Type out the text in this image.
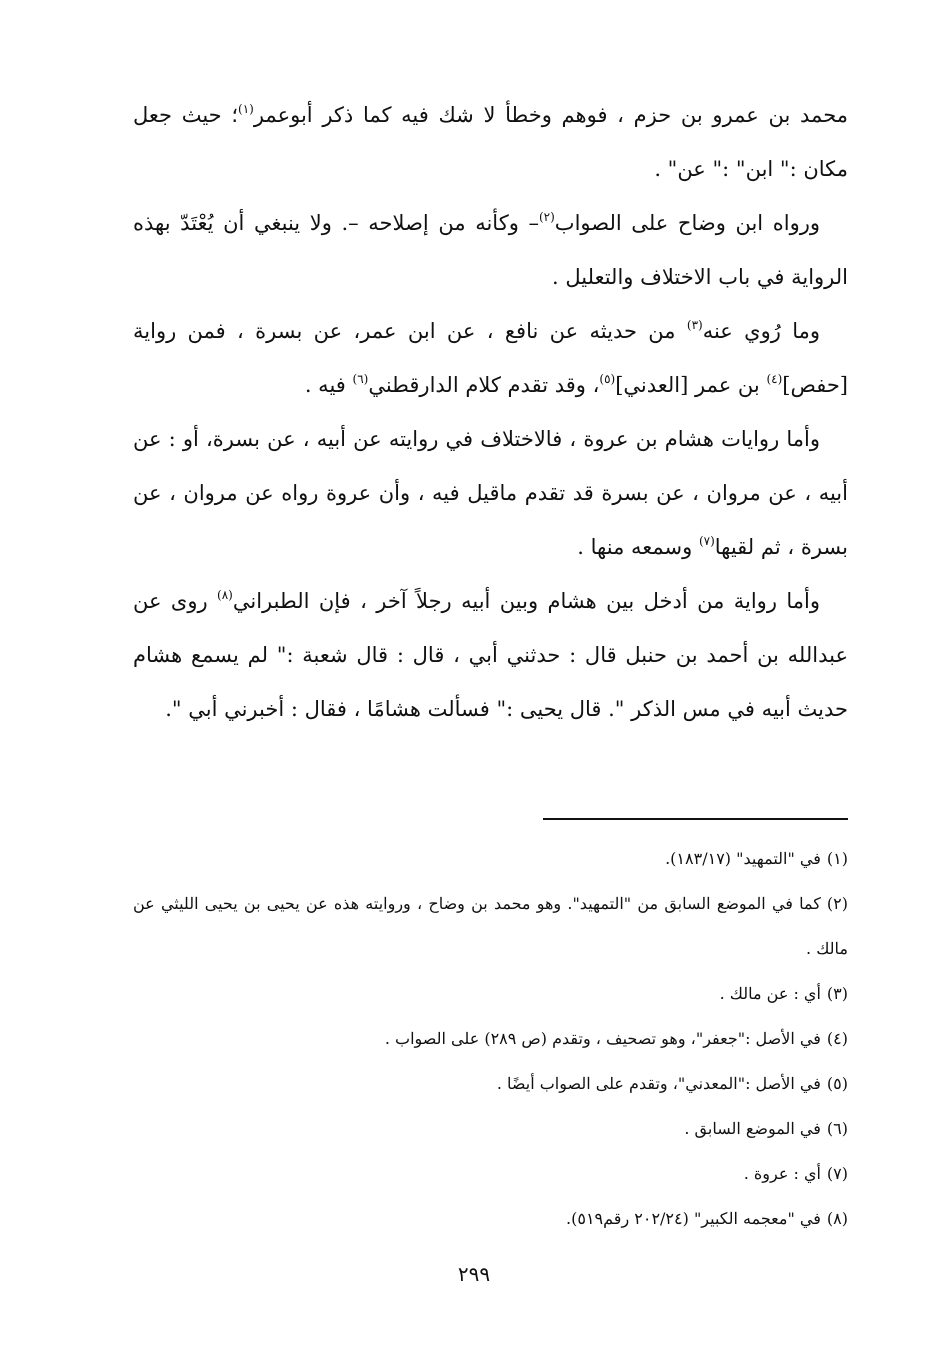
محمد بن عمرو بن حزم ، فوهم وخطأ لا شك فيه كما ذكر أبوعمر$^{(١)}$؛ حيث جعل مكان :" ابن" :" عن" .

ورواه ابن وضاح على الصواب$^{(٢)}$– وكأنه من إصلاحه –. ولا ينبغي أن يُعْتَدّ بهذه الرواية في باب الاختلاف والتعليل .

وما رُوي عنه$^{(٣)}$ من حديثه عن نافع ، عن ابن عمر، عن بسرة ، فمن رواية [حفص]$^{(٤)}$ بن عمر [العدني]$^{(٥)}$، وقد تقدم كلام الدارقطني$^{(٦)}$ فيه .

وأما روايات هشام بن عروة ، فالاختلاف في روايته عن أبيه ، عن بسرة، أو : عن أبيه ، عن مروان ، عن بسرة قد تقدم ماقيل فيه ، وأن عروة رواه عن مروان ، عن بسرة ، ثم لقيها$^{(٧)}$ وسمعه منها .

وأما رواية من أدخل بين هشام وبين أبيه رجلاً آخر ، فإن الطبراني$^{(٨)}$ روى عن عبدالله بن أحمد بن حنبل قال : حدثني أبي ، قال : قال شعبة :" لم يسمع هشام حديث أبيه في مس الذكر ". قال يحيى :" فسألت هشامًا ، فقال : أخبرني أبي ".

(١)في "التمهيد" (١٨٣/١٧).

(٢)كما في الموضع السابق من "التمهيد". وهو محمد بن وضاح ، وروايته هذه عن يحيى بن يحيى الليثي عن مالك .

(٣)أي : عن مالك .

(٤)في الأصل :"جعفر"، وهو تصحيف ، وتقدم (ص ٢٨٩) على الصواب .

(٥)في الأصل :"المعدني"، وتقدم على الصواب أيضًا .

(٦)في الموضع السابق .

(٧)أي : عروة .

(٨)في "معجمه الكبير" (٢٠٢/٢٤ رقم٥١٩).

٢٩٩
